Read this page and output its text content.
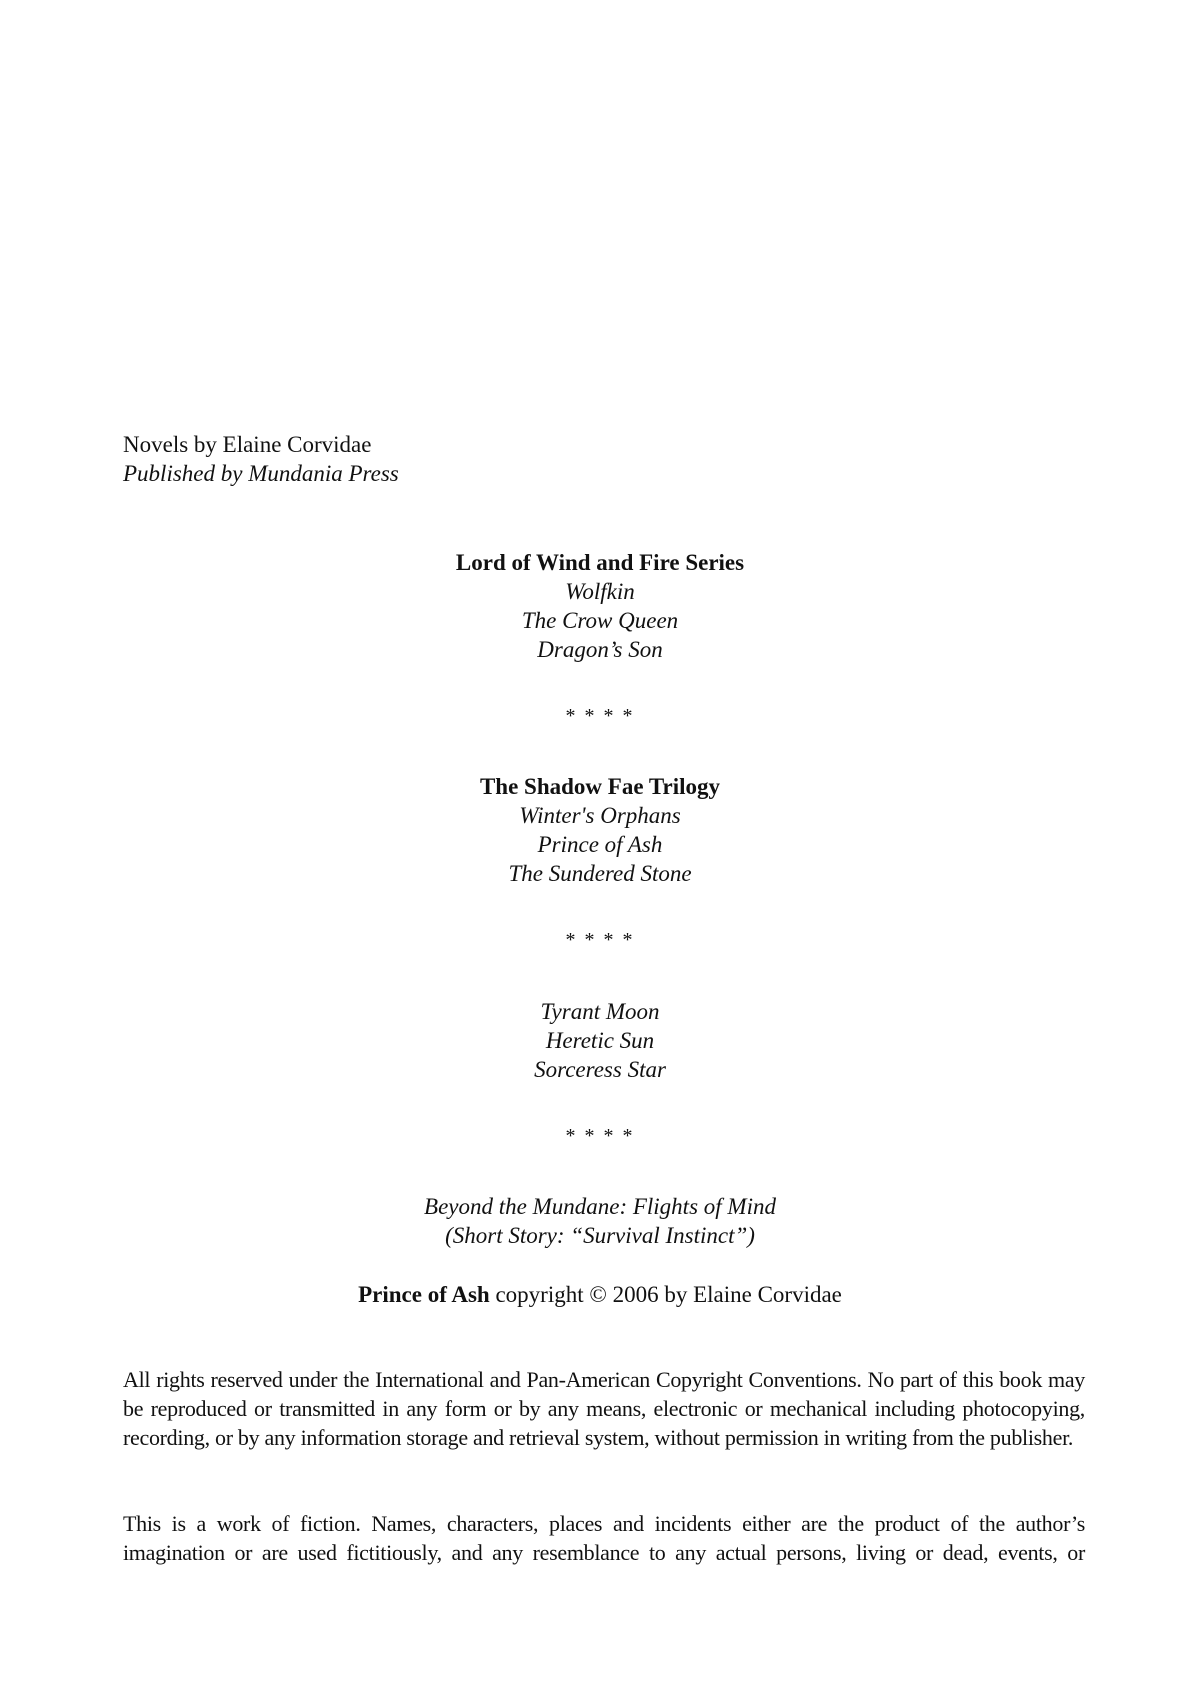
Novels by Elaine Corvidae
Published by Mundania Press
Lord of Wind and Fire Series
Wolfkin
The Crow Queen
Dragon’s Son
* * * *
The Shadow Fae Trilogy
Winter's Orphans
Prince of Ash
The Sundered Stone
* * * *
Tyrant Moon
Heretic Sun
Sorceress Star
* * * *
Beyond the Mundane: Flights of Mind
(Short Story: “Survival Instinct”)
Prince of Ash copyright © 2006 by Elaine Corvidae
All rights reserved under the International and Pan-American Copyright Conventions. No part of this book may be reproduced or transmitted in any form or by any means, electronic or mechanical including photocopying, recording, or by any information storage and retrieval system, without permission in writing from the publisher.
This is a work of fiction. Names, characters, places and incidents either are the product of the author’s imagination or are used fictitiously, and any resemblance to any actual persons, living or dead, events, or
